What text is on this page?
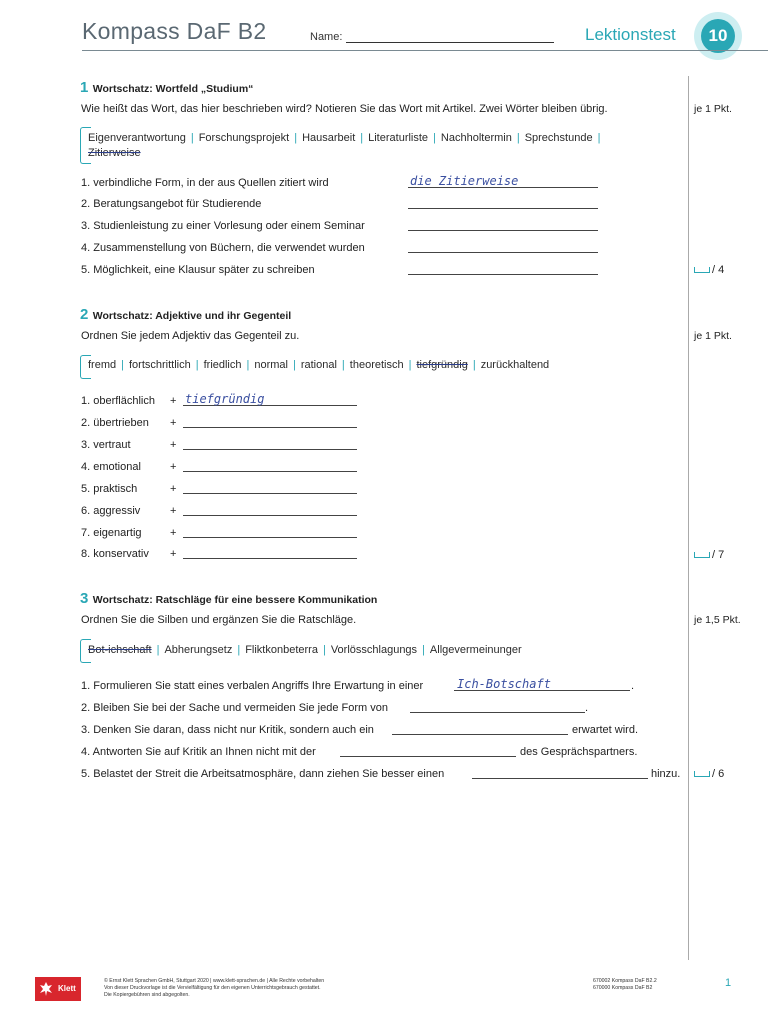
Kompass DaF B2	Name:	Lektionstest	10
1 Wortschatz: Wortfeld „Studium“
Wie heißt das Wort, das hier beschrieben wird? Notieren Sie das Wort mit Artikel. Zwei Wörter bleiben übrig.	je 1 Pkt.
Eigenverantwortung | Forschungsprojekt | Hausarbeit | Literaturliste | Nachholtermin | Sprechstunde |
Zitierweise
1. verbindliche Form, in der aus Quellen zitiert wird	die Zitierweise
2. Beratungsangebot für Studierende
3. Studienleistung zu einer Vorlesung oder einem Seminar
4. Zusammenstellung von Büchern, die verwendet wurden
5. Möglichkeit, eine Klausur später zu schreiben	/ 4
2 Wortschatz: Adjektive und ihr Gegenteil
Ordnen Sie jedem Adjektiv das Gegenteil zu.	je 1 Pkt.
fremd | fortschrittlich | friedlich | normal | rational | theoretisch | tiefgründig | zurückhaltend
1. oberflächlich + tiefgründig
2. übertrieben +
3. vertraut	+
4. emotional	+
5. praktisch	+
6. aggressiv	+
7. eigenartig	+
8. konservativ +	/ 7
3 Wortschatz: Ratschläge für eine bessere Kommunikation
Ordnen Sie die Silben und ergänzen Sie die Ratschläge.	je 1,5 Pkt.
Bot-ichschaft | Abherungsetz | Fliktkonbeterra | Vorlösschlagungs | Allgevermeinunger
1. Formulieren Sie statt eines verbalen Angriffs Ihre Erwartung in einer	.
Ich-Botschaft
2. Bleiben Sie bei der Sache und vermeiden Sie jede Form von	.
3. Denken Sie daran, dass nicht nur Kritik, sondern auch ein	erwartet wird.
4. Antworten Sie auf Kritik an Ihnen nicht mit der	des Gesprächspartners.
5. Belastet der Streit die Arbeitsatmosphäre, dann ziehen Sie besser einen	hinzu.	/ 6
Klett
© Ernst Klett Sprachen GmbH, Stuttgart 2020 | www.klett-sprachen.de | Alle Rechte vorbehalten
Von dieser Druckvorlage ist die Vervielfältigung für den eigenen Unterrichtsgebrauch gestattet.
Die Kopiergebühren sind abgegolten.
670002 Kompass DaF B2.2
670000 Kompass DaF B2	1
